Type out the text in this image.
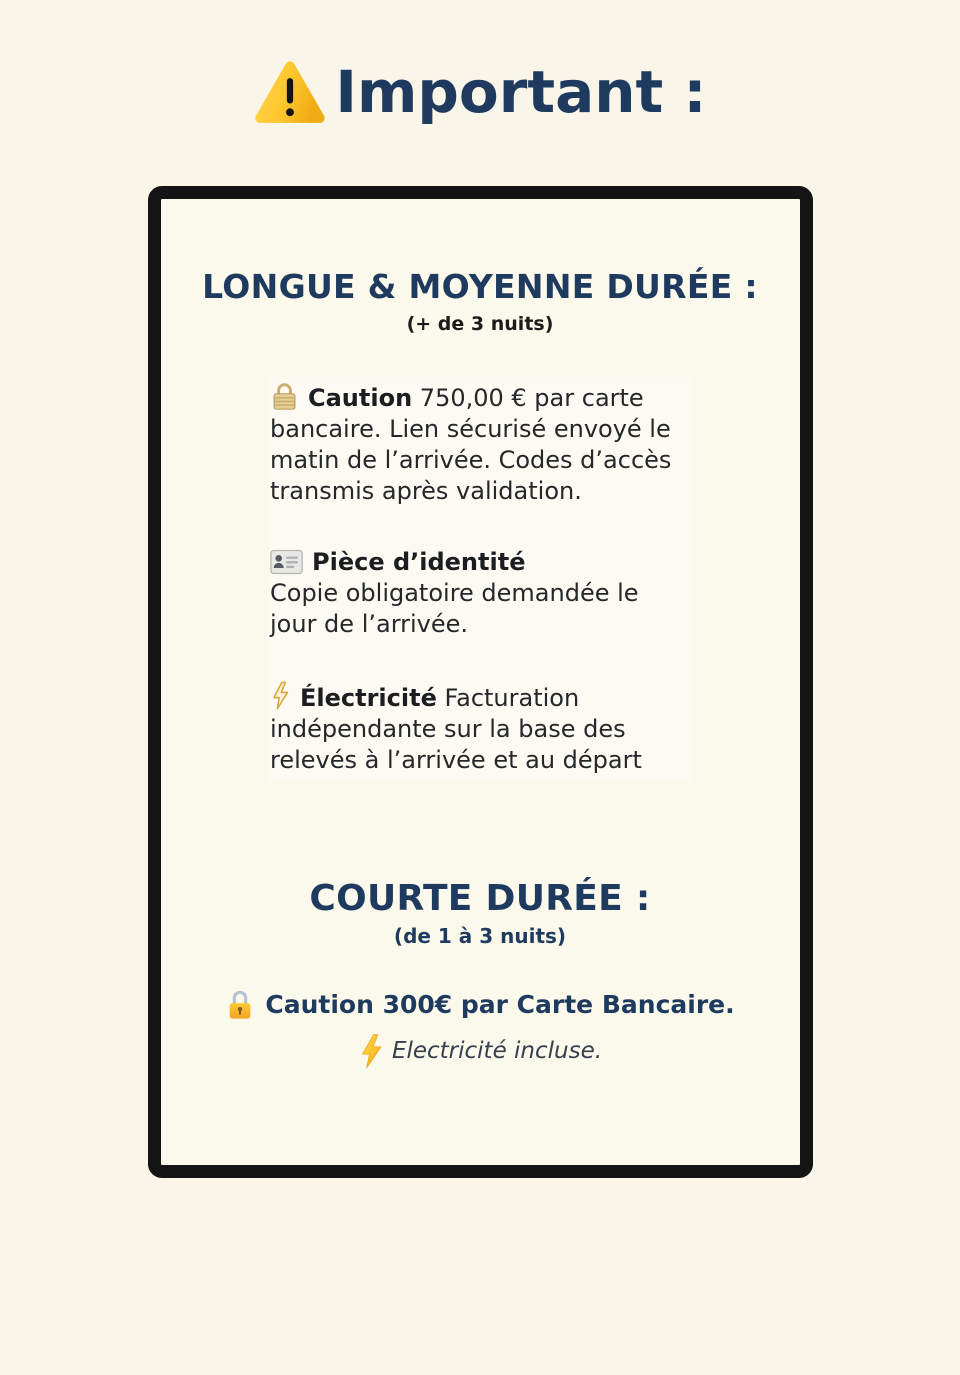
Important :
LONGUE & MOYENNE DURÉE :
(+ de 3 nuits)
Caution 750,00 € par carte bancaire. Lien sécurisé envoyé le matin de l’arrivée. Codes d’accès transmis après validation.
Pièce d’identité
Copie obligatoire demandée le jour de l’arrivée.
Électricité Facturation indépendante sur la base des relevés à l’arrivée et au départ
COURTE DURÉE :
(de 1 à 3 nuits)
Caution 300€ par Carte Bancaire.
Electricité incluse.
